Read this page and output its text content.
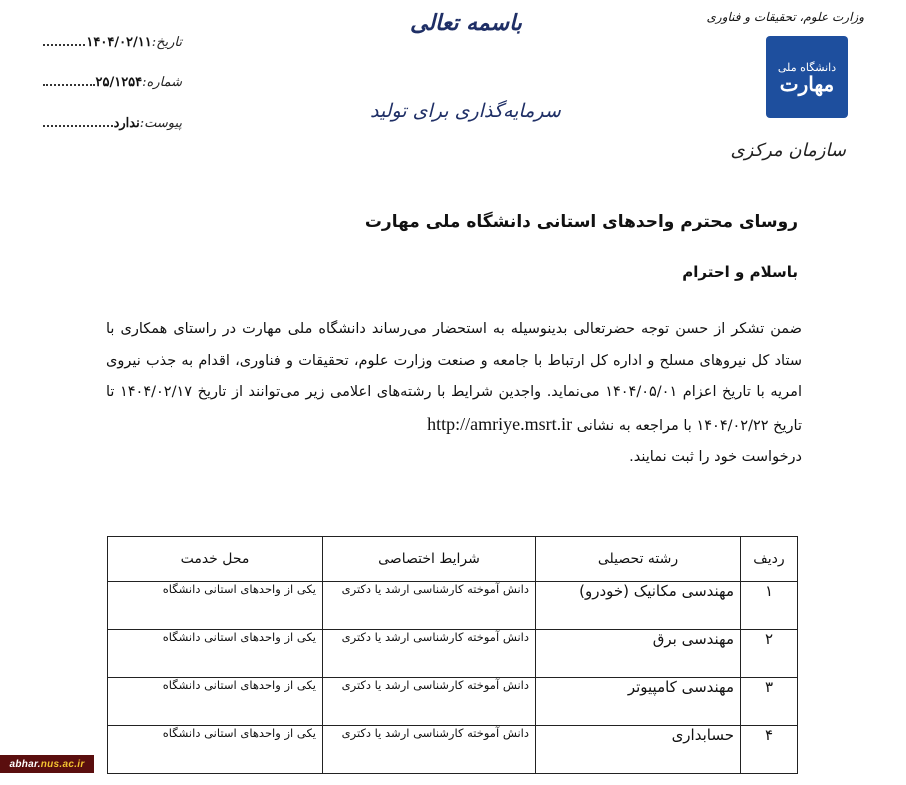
وزارت علوم، تحقیقات و فناوری
دانشگاه ملی
مهارت
سازمان مرکزی
باسمه تعالی
سرمایه‌گذاری برای تولید
تاریخ:
۱۴۰۴/۰۲/۱۱
شماره:
۲۵/۱۲۵۴
پیوست:
ندارد
روسای محترم واحدهای استانی دانشگاه ملی مهارت
باسلام و احترام
ضمن تشکر از حسن توجه حضرتعالی بدینوسیله به استحضار می‌رساند دانشگاه ملی مهارت در راستای همکاری با ستاد کل نیروهای مسلح و اداره کل ارتباط با جامعه و صنعت وزارت علوم، تحقیقات و فناوری، اقدام به جذب نیروی امریه با تاریخ اعزام ۱۴۰۴/۰۵/۰۱ می‌نماید. واجدین شرایط با رشته‌های اعلامی زیر می‌توانند از تاریخ ۱۴۰۴/۰۲/۱۷ تا تاریخ ۱۴۰۴/۰۲/۲۲ با مراجعه به نشانی http://amriye.msrt.ir
درخواست خود را ثبت نمایند.
ردیف	رشته تحصیلی	شرایط اختصاصی	محل خدمت
۱	مهندسی مکانیک (خودرو)	دانش آموخته کارشناسی ارشد یا دکتری	یکی از واحدهای استانی دانشگاه
۲	مهندسی برق	دانش آموخته کارشناسی ارشد یا دکتری	یکی از واحدهای استانی دانشگاه
۳	مهندسی کامپیوتر	دانش آموخته کارشناسی ارشد یا دکتری	یکی از واحدهای استانی دانشگاه
۴	حسابداری	دانش آموخته کارشناسی ارشد یا دکتری	یکی از واحدهای استانی دانشگاه
abhar. nus.ac.ir
